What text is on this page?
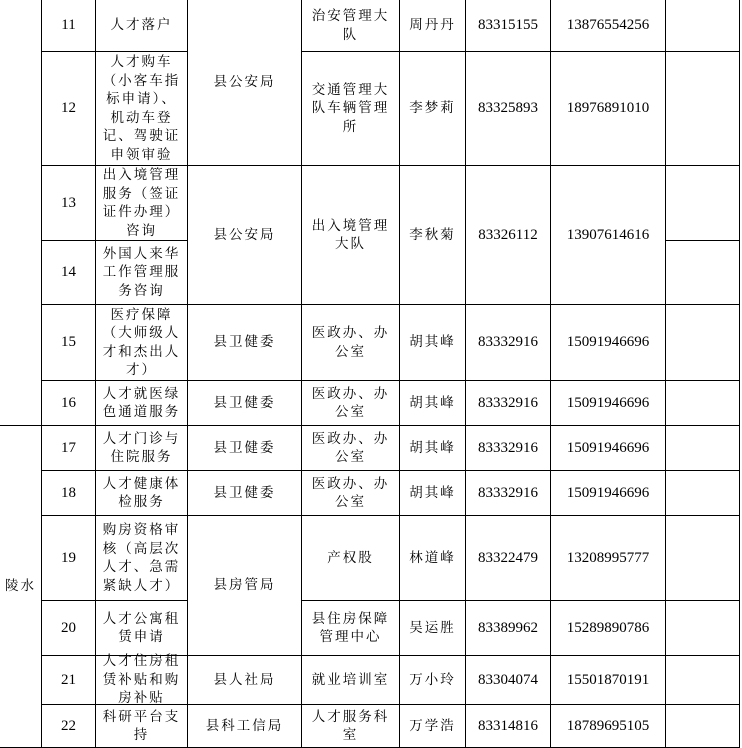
陵水
11	人才落户
12
人才购车（小客车指标申请）、机动车登记、驾驶证申领审验
13
出入境管理服务（签证证件办理）咨询
14
外国人来华工作管理服务咨询
15
医疗保障（大师级人才和杰出人才）
16
人才就医绿色通道服务
17
人才门诊与住院服务
18
人才健康体检服务
19
购房资格审核（高层次人才、急需紧缺人才）
20
人才公寓租赁申请
21
人才住房租赁补贴和购房补贴
22
科研平台支持
县公安局
县公安局
县卫健委
县卫健委
县卫健委
县卫健委
县房管局
县人社局
县科工信局
治安管理大队
周丹丹 83315155 13876554256
交通管理大队车辆管理所
李梦莉 83325893 18976891010
出入境管理大队
李秋菊 83326112 13907614616
医政办、办公室
胡其峰 83332916 15091946696
医政办、办公室
胡其峰 83332916 15091946696
医政办、办公室
胡其峰 83332916 15091946696
医政办、办公室
胡其峰 83332916 15091946696
产权股	林道峰 83322479 13208995777
县住房保障管理中心
吴运胜 83389962 15289890786
就业培训室 万小玲 83304074 15501870191
人才服务科室
万学浩 83314816 18789695105
